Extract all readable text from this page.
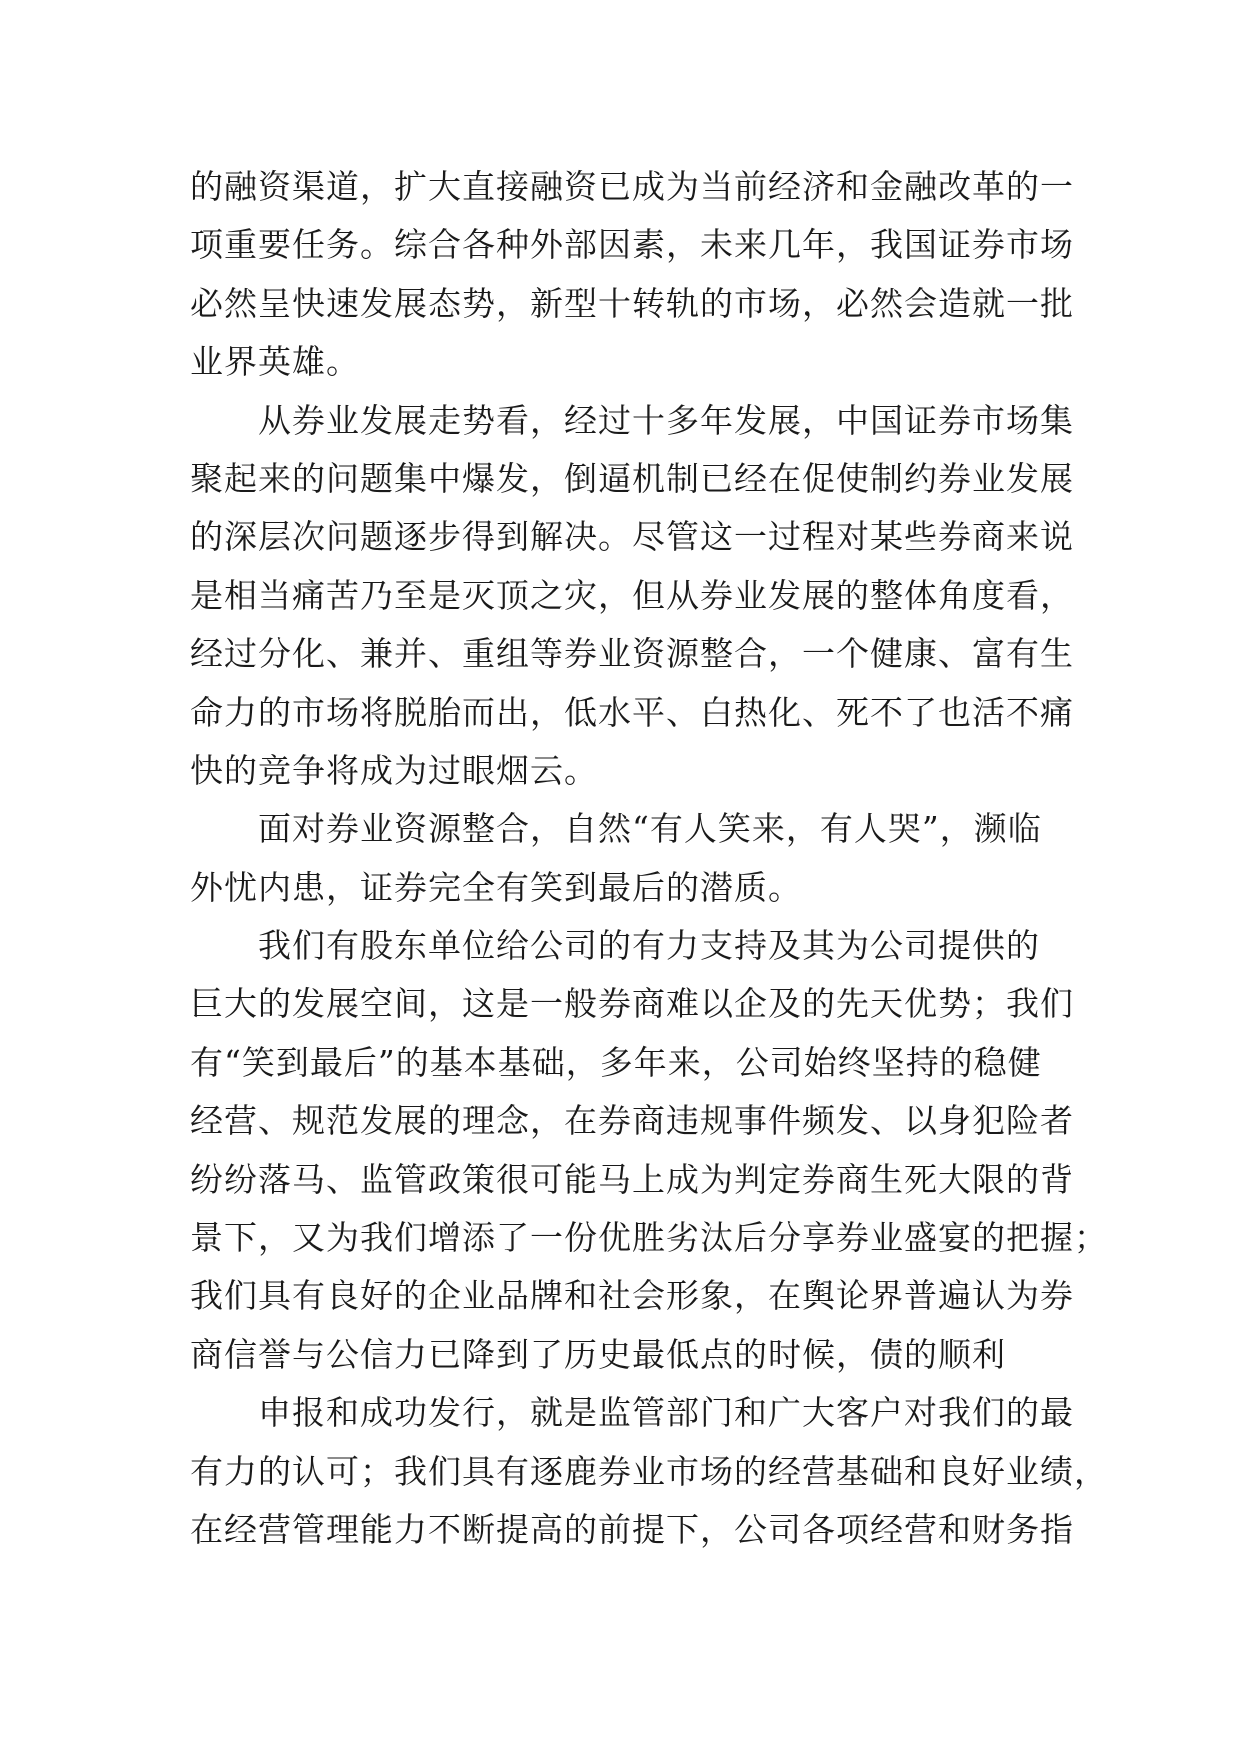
的融资渠道，扩大直接融资已成为当前经济和金融改革的一
项重要任务。综合各种外部因素，未来几年，我国证券市场
必然呈快速发展态势，新型十转轨的市场，必然会造就一批
业界英雄。
从券业发展走势看，经过十多年发展，中国证券市场集
聚起来的问题集中爆发，倒逼机制已经在促使制约券业发展
的深层次问题逐步得到解决。尽管这一过程对某些券商来说
是相当痛苦乃至是灭顶之灾，但从券业发展的整体角度看，
经过分化、兼并、重组等券业资源整合，一个健康、富有生
命力的市场将脱胎而出，低水平、白热化、死不了也活不痛
快的竞争将成为过眼烟云。
面对券业资源整合，自然“有人笑来，有人哭”，濒临
外忧内患，证券完全有笑到最后的潜质。
我们有股东单位给公司的有力支持及其为公司提供的
巨大的发展空间，这是一般券商难以企及的先天优势；我们
有“笑到最后”的基本基础，多年来，公司始终坚持的稳健
经营、规范发展的理念，在券商违规事件频发、以身犯险者
纷纷落马、监管政策很可能马上成为判定券商生死大限的背
景下，又为我们增添了一份优胜劣汰后分享券业盛宴的把握；
我们具有良好的企业品牌和社会形象，在舆论界普遍认为券
商信誉与公信力已降到了历史最低点的时候，债的顺利
申报和成功发行，就是监管部门和广大客户对我们的最
有力的认可；我们具有逐鹿券业市场的经营基础和良好业绩，
在经营管理能力不断提高的前提下，公司各项经营和财务指
